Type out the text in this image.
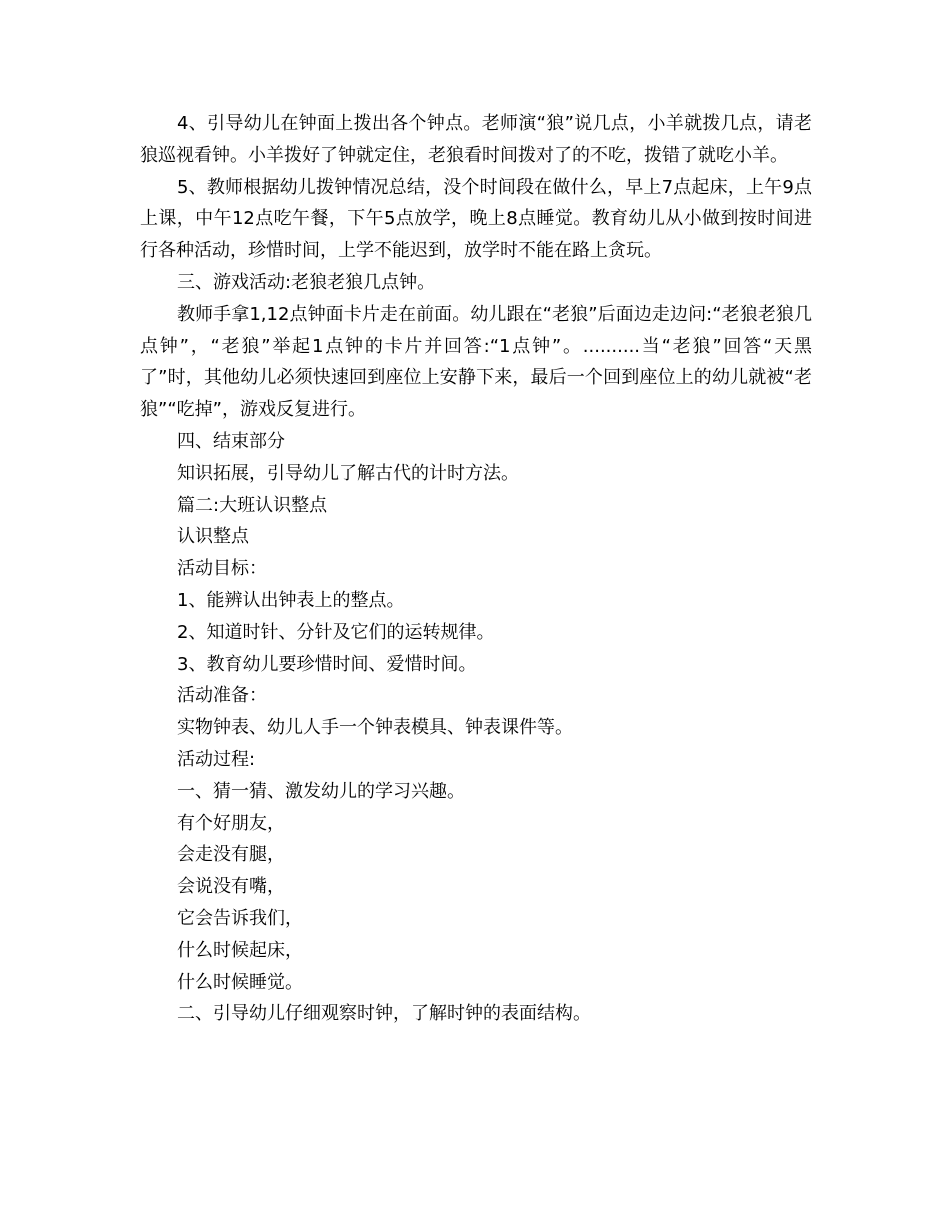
4、引导幼儿在钟面上拨出各个钟点。老师演“狼”说几点，小羊就拨几点，请老狼巡视看钟。小羊拨好了钟就定住，老狼看时间拨对了的不吃，拨错了就吃小羊。

5、教师根据幼儿拨钟情况总结，没个时间段在做什么，早上7点起床，上午9点上课，中午12点吃午餐，下午5点放学，晚上8点睡觉。教育幼儿从小做到按时间进行各种活动，珍惜时间，上学不能迟到，放学时不能在路上贪玩。

三、游戏活动:老狼老狼几点钟。

教师手拿1,12点钟面卡片走在前面。幼儿跟在“老狼”后面边走边问:“老狼老狼几点钟”，“老狼”举起1点钟的卡片并回答:“1点钟”。..........当“老狼”回答“天黑了”时，其他幼儿必须快速回到座位上安静下来，最后一个回到座位上的幼儿就被“老狼”“吃掉”，游戏反复进行。

四、结束部分

知识拓展，引导幼儿了解古代的计时方法。

篇二:大班认识整点

认识整点

活动目标：

1、能辨认出钟表上的整点。

2、知道时针、分针及它们的运转规律。

3、教育幼儿要珍惜时间、爱惜时间。

活动准备：

实物钟表、幼儿人手一个钟表模具、钟表课件等。

活动过程:

一、猜一猜、激发幼儿的学习兴趣。

有个好朋友，

会走没有腿，

会说没有嘴，

它会告诉我们，

什么时候起床，

什么时候睡觉。

二、引导幼儿仔细观察时钟，了解时钟的表面结构。
